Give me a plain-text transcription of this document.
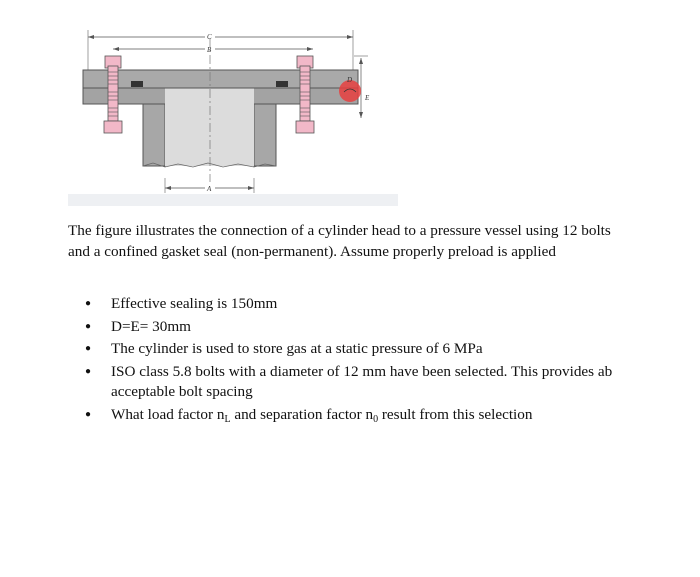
C
B
D
E
A

The figure illustrates the connection of a cylinder head to a pressure vessel using 12 bolts and a confined gasket seal (non-permanent). Assume properly preload is applied

● Effective sealing is 150mm
● D=E= 30mm
● The cylinder is used to store gas at a static pressure of 6 MPa
● ISO class 5.8 bolts with a diameter of 12 mm have been selected. This provides ab acceptable bolt spacing
● What load factor $n_L$ and separation factor $n_0$ result from this selection
